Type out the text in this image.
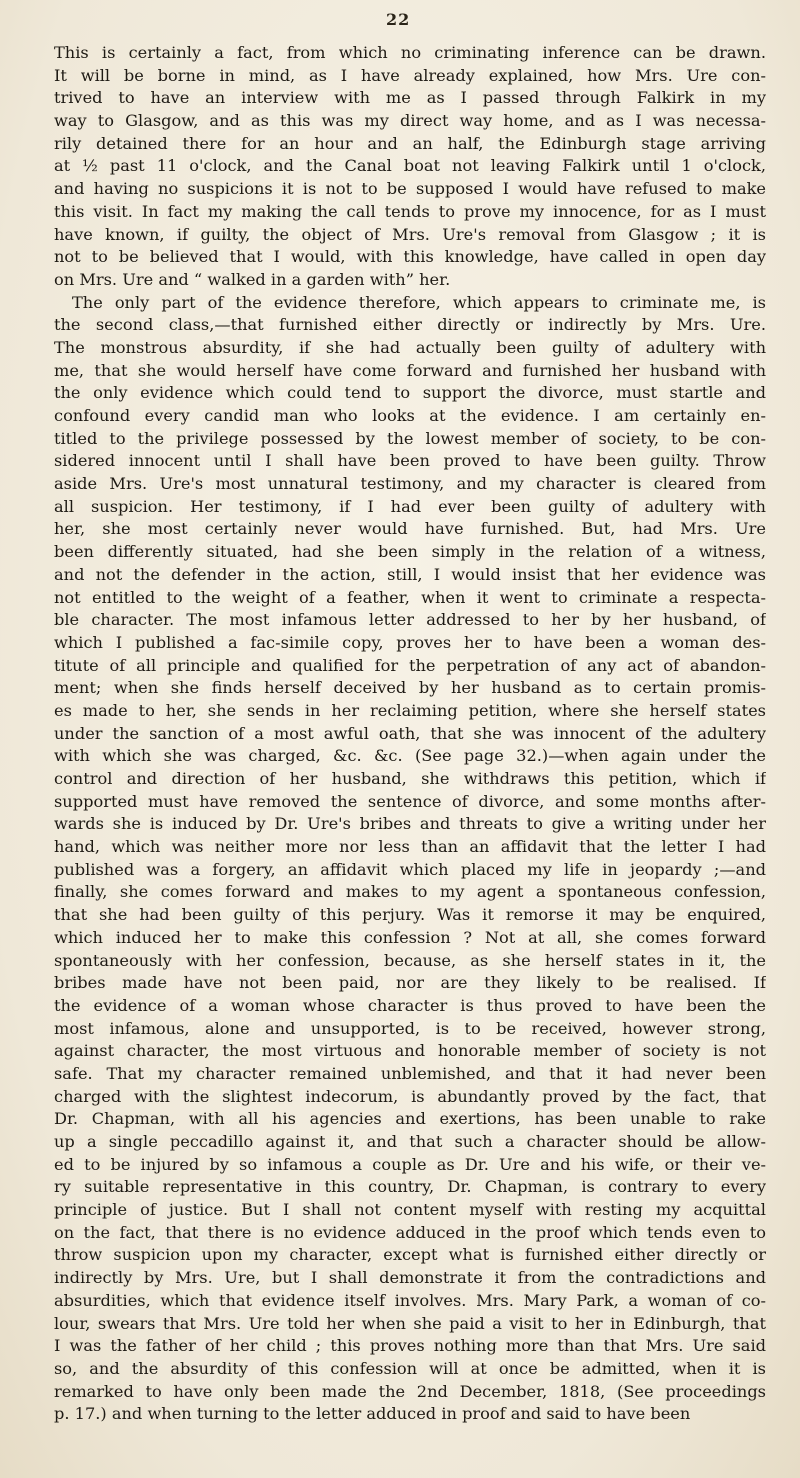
22
This is certainly a fact, from which no criminating inference can be drawn.
It will be borne in mind, as I have already explained, how Mrs. Ure con-
trived to have an interview with me as I passed through Falkirk in my
way to Glasgow, and as this was my direct way home, and as I was necessa-
rily detained there for an hour and an half, the Edinburgh stage arriving
at ½ past 11 o'clock, and the Canal boat not leaving Falkirk until 1 o'clock,
and having no suspicions it is not to be supposed I would have refused to make
this visit. In fact my making the call tends to prove my innocence, for as I must
have known, if guilty, the object of Mrs. Ure's removal from Glasgow ; it is
not to be believed that I would, with this knowledge, have called in open day
on Mrs. Ure and “ walked in a garden with” her.
The only part of the evidence therefore, which appears to criminate me, is
the second class,—that furnished either directly or indirectly by Mrs. Ure.
The monstrous absurdity, if she had actually been guilty of adultery with
me, that she would herself have come forward and furnished her husband with
the only evidence which could tend to support the divorce, must startle and
confound every candid man who looks at the evidence. I am certainly en-
titled to the privilege possessed by the lowest member of society, to be con-
sidered innocent until I shall have been proved to have been guilty. Throw
aside Mrs. Ure's most unnatural testimony, and my character is cleared from
all suspicion. Her testimony, if I had ever been guilty of adultery with
her, she most certainly never would have furnished. But, had Mrs. Ure
been differently situated, had she been simply in the relation of a witness,
and not the defender in the action, still, I would insist that her evidence was
not entitled to the weight of a feather, when it went to criminate a respecta-
ble character. The most infamous letter addressed to her by her husband, of
which I published a fac-simile copy, proves her to have been a woman des-
titute of all principle and qualified for the perpetration of any act of abandon-
ment; when she finds herself deceived by her husband as to certain promis-
es made to her, she sends in her reclaiming petition, where she herself states
under the sanction of a most awful oath, that she was innocent of the adultery
with which she was charged, &c. &c. (See page 32.)—when again under the
control and direction of her husband, she withdraws this petition, which if
supported must have removed the sentence of divorce, and some months after-
wards she is induced by Dr. Ure's bribes and threats to give a writing under her
hand, which was neither more nor less than an affidavit that the letter I had
published was a forgery, an affidavit which placed my life in jeopardy ;—and
finally, she comes forward and makes to my agent a spontaneous confession,
that she had been guilty of this perjury. Was it remorse it may be enquired,
which induced her to make this confession ? Not at all, she comes forward
spontaneously with her confession, because, as she herself states in it, the
bribes made have not been paid, nor are they likely to be realised. If
the evidence of a woman whose character is thus proved to have been the
most infamous, alone and unsupported, is to be received, however strong,
against character, the most virtuous and honorable member of society is not
safe. That my character remained unblemished, and that it had never been
charged with the slightest indecorum, is abundantly proved by the fact, that
Dr. Chapman, with all his agencies and exertions, has been unable to rake
up a single peccadillo against it, and that such a character should be allow-
ed to be injured by so infamous a couple as Dr. Ure and his wife, or their ve-
ry suitable representative in this country, Dr. Chapman, is contrary to every
principle of justice. But I shall not content myself with resting my acquittal
on the fact, that there is no evidence adduced in the proof which tends even to
throw suspicion upon my character, except what is furnished either directly or
indirectly by Mrs. Ure, but I shall demonstrate it from the contradictions and
absurdities, which that evidence itself involves. Mrs. Mary Park, a woman of co-
lour, swears that Mrs. Ure told her when she paid a visit to her in Edinburgh, that
I was the father of her child ; this proves nothing more than that Mrs. Ure said
so, and the absurdity of this confession will at once be admitted, when it is
remarked to have only been made the 2nd December, 1818, (See proceedings
p. 17.) and when turning to the letter adduced in proof and said to have been
